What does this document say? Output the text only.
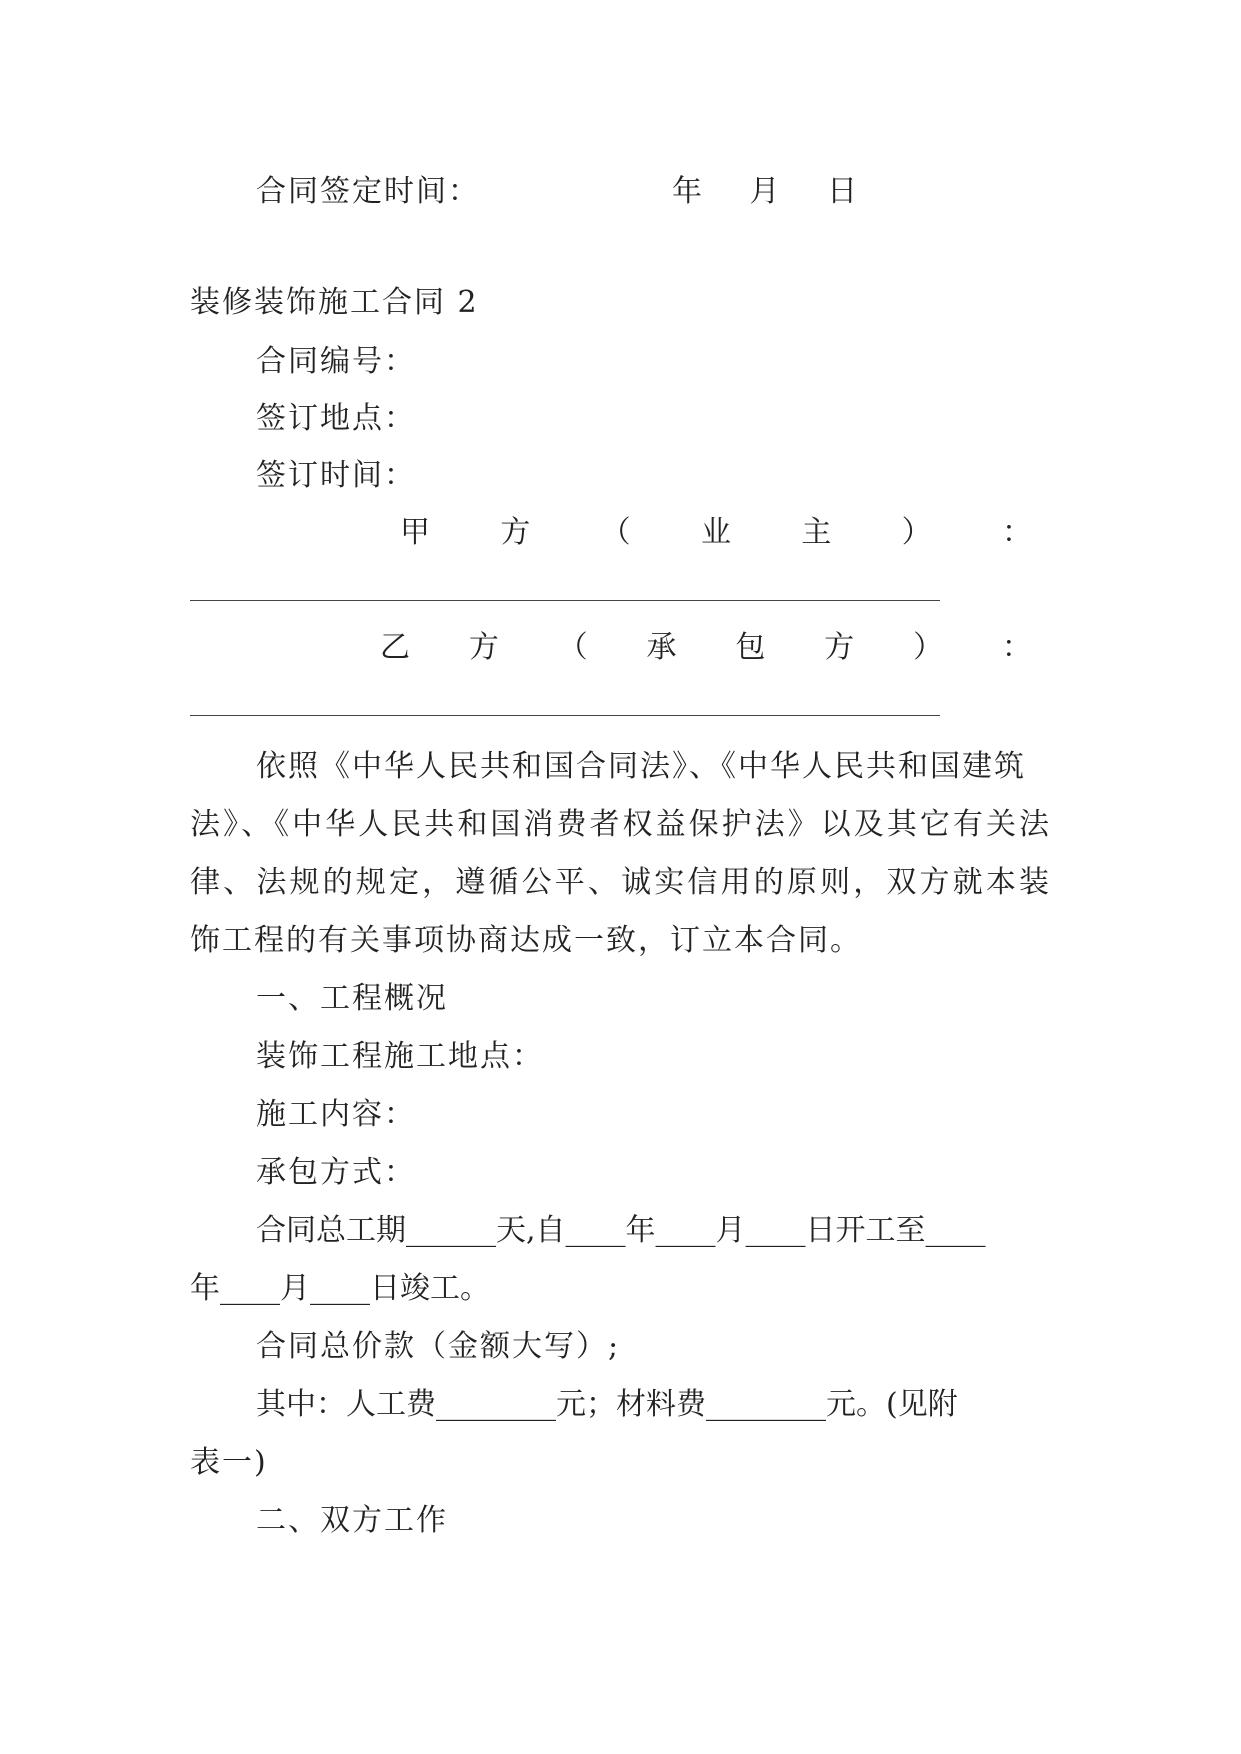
合同签定时间：	年 月 日
装修装饰施工合同 2
合同编号：
签订地点：
签订时间：
甲 方 （ 业 主 ） ：
乙 方 （ 承 包 方 ） ：
依照《中华人民共和国合同法》、《中华人民共和国建筑
法》、《中华人民共和国消费者权益保护法》以及其它有关法
律、法规的规定，遵循公平、诚实信用的原则，双方就本装
饰工程的有关事项协商达成一致，订立本合同。
一、工程概况
装饰工程施工地点：
施工内容：
承包方式：
合同总工期______天,自____年____月____日开工至____
年____月____日竣工。
合同总价款（金额大写）;
其中：人工费________元；材料费________元。(见附
表一)
二、双方工作
